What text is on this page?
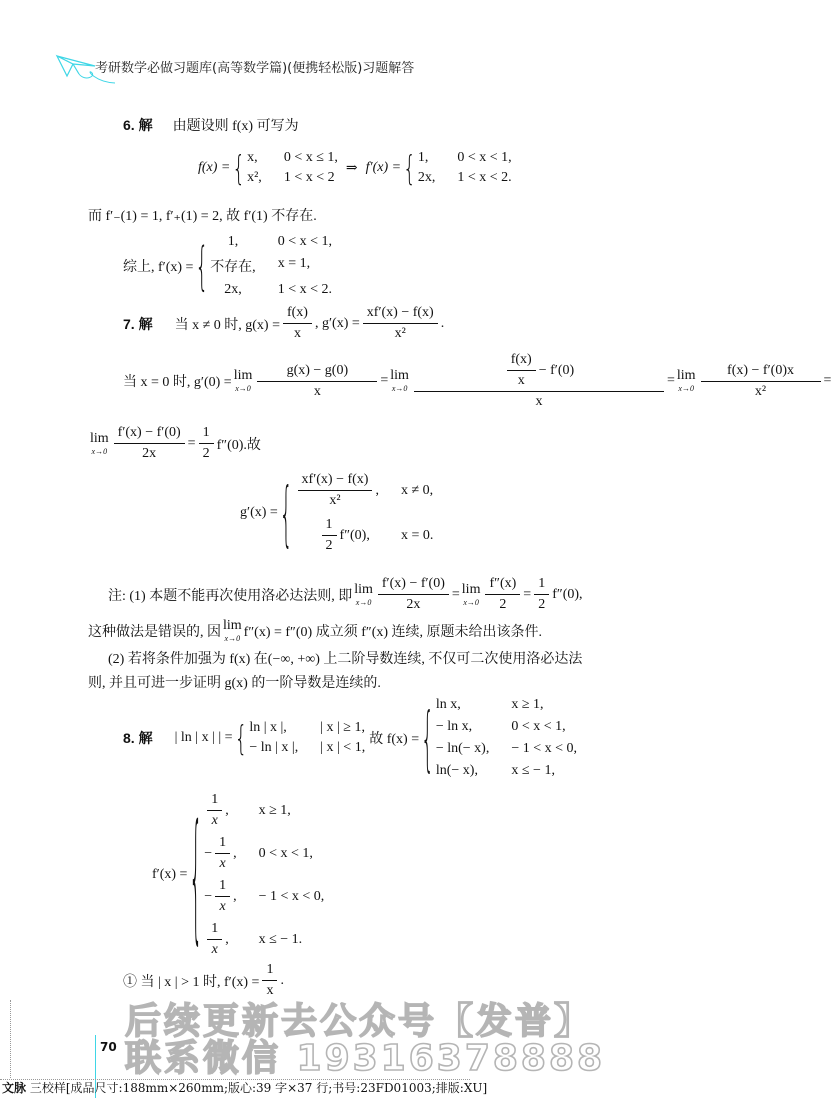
考研数学必做习题库(高等数学篇)(便携轻松版)习题解答
6. 解 由题设则 f(x) 可写为
f(x) = { x,	0 < x ≤ 1,
x², 1 < x < 2
⇒ f′(x) = { 1,	0 < x < 1,
2x, 1 < x < 2.
而 f′₋(1) = 1, f′₊(1) = 2, 故 f′(1) 不存在.
综上, f′(x) = {	1,	0 < x < 1,
不存在, x = 1,
2x,	1 < x < 2.
7. 解 当 x ≠ 0 时, $g(x) = \frac{f(x)}{x}$ , $g'(x) = \frac{xf'(x) - f(x)}{\text{x²}}$ .
当 x = 0 时, g′(0) = lim
$x\to 0 \frac{g(x) - g(0)}{x} = \lim$
$x\to 0 \frac{\frac{f(x)}{x} - f'(0)}{x} = \lim$
$x\to 0 \frac{f(x) - f'(0)x}{\text{x²}}$ =
lim
$x\to 0 \frac{f'(x) - f'(0)}{2x} = \frac{1}{2} f''(0)$.故
g′(x) = { $\frac{xf'(x) - f(x)}{\text{x²}}$ , x ≠ 0,
$\frac{1}{2} f''(0)$, x = 0.
注: (1) 本题不能再次使用洛必达法则, 即 lim
$x\to 0 \frac{f'(x) - f'(0)}{2x} = \lim$
$x\to 0 \frac{f''(x)}{2} = \frac{1}{2} f''(0)$,
这种做法是错误的, 因 lim
x→0 f″(x) = f″(0) 成立须 f″(x) 连续, 原题未给出该条件.
(2) 若将条件加强为 f(x) 在(−∞, +∞) 上二阶导数连续, 不仅可二次使用洛必达法
则, 并且可进一步证明 g(x) 的一阶导数是连续的.
8. 解 | ln | x | | = { ln | x |,	| x | ≥ 1,
− ln | x |, | x | < 1,
故 f(x) = { ln x,	x ≥ 1,
− ln x,	0 < x < 1,
− ln(− x), − 1 < x < 0,
ln(− x),	x ≤ − 1,
f′(x) = { $\frac{1}{x}$ , x ≥ 1,
− $\frac{1}{x}$ , 0 < x < 1,
− $\frac{1}{x}$ , − 1 < x < 0,
$\frac{1}{x}$ , x ≤ − 1.
① 当 | x | > 1 时, $f'(x) = \frac{1}{x}$ .
后续更新去公众号【发普】
联系微信 19316378888
70
文脉 三校样[成品尺寸:188mm×260mm;版心:39 字×37 行;书号:23FD01003;排版:XU]
